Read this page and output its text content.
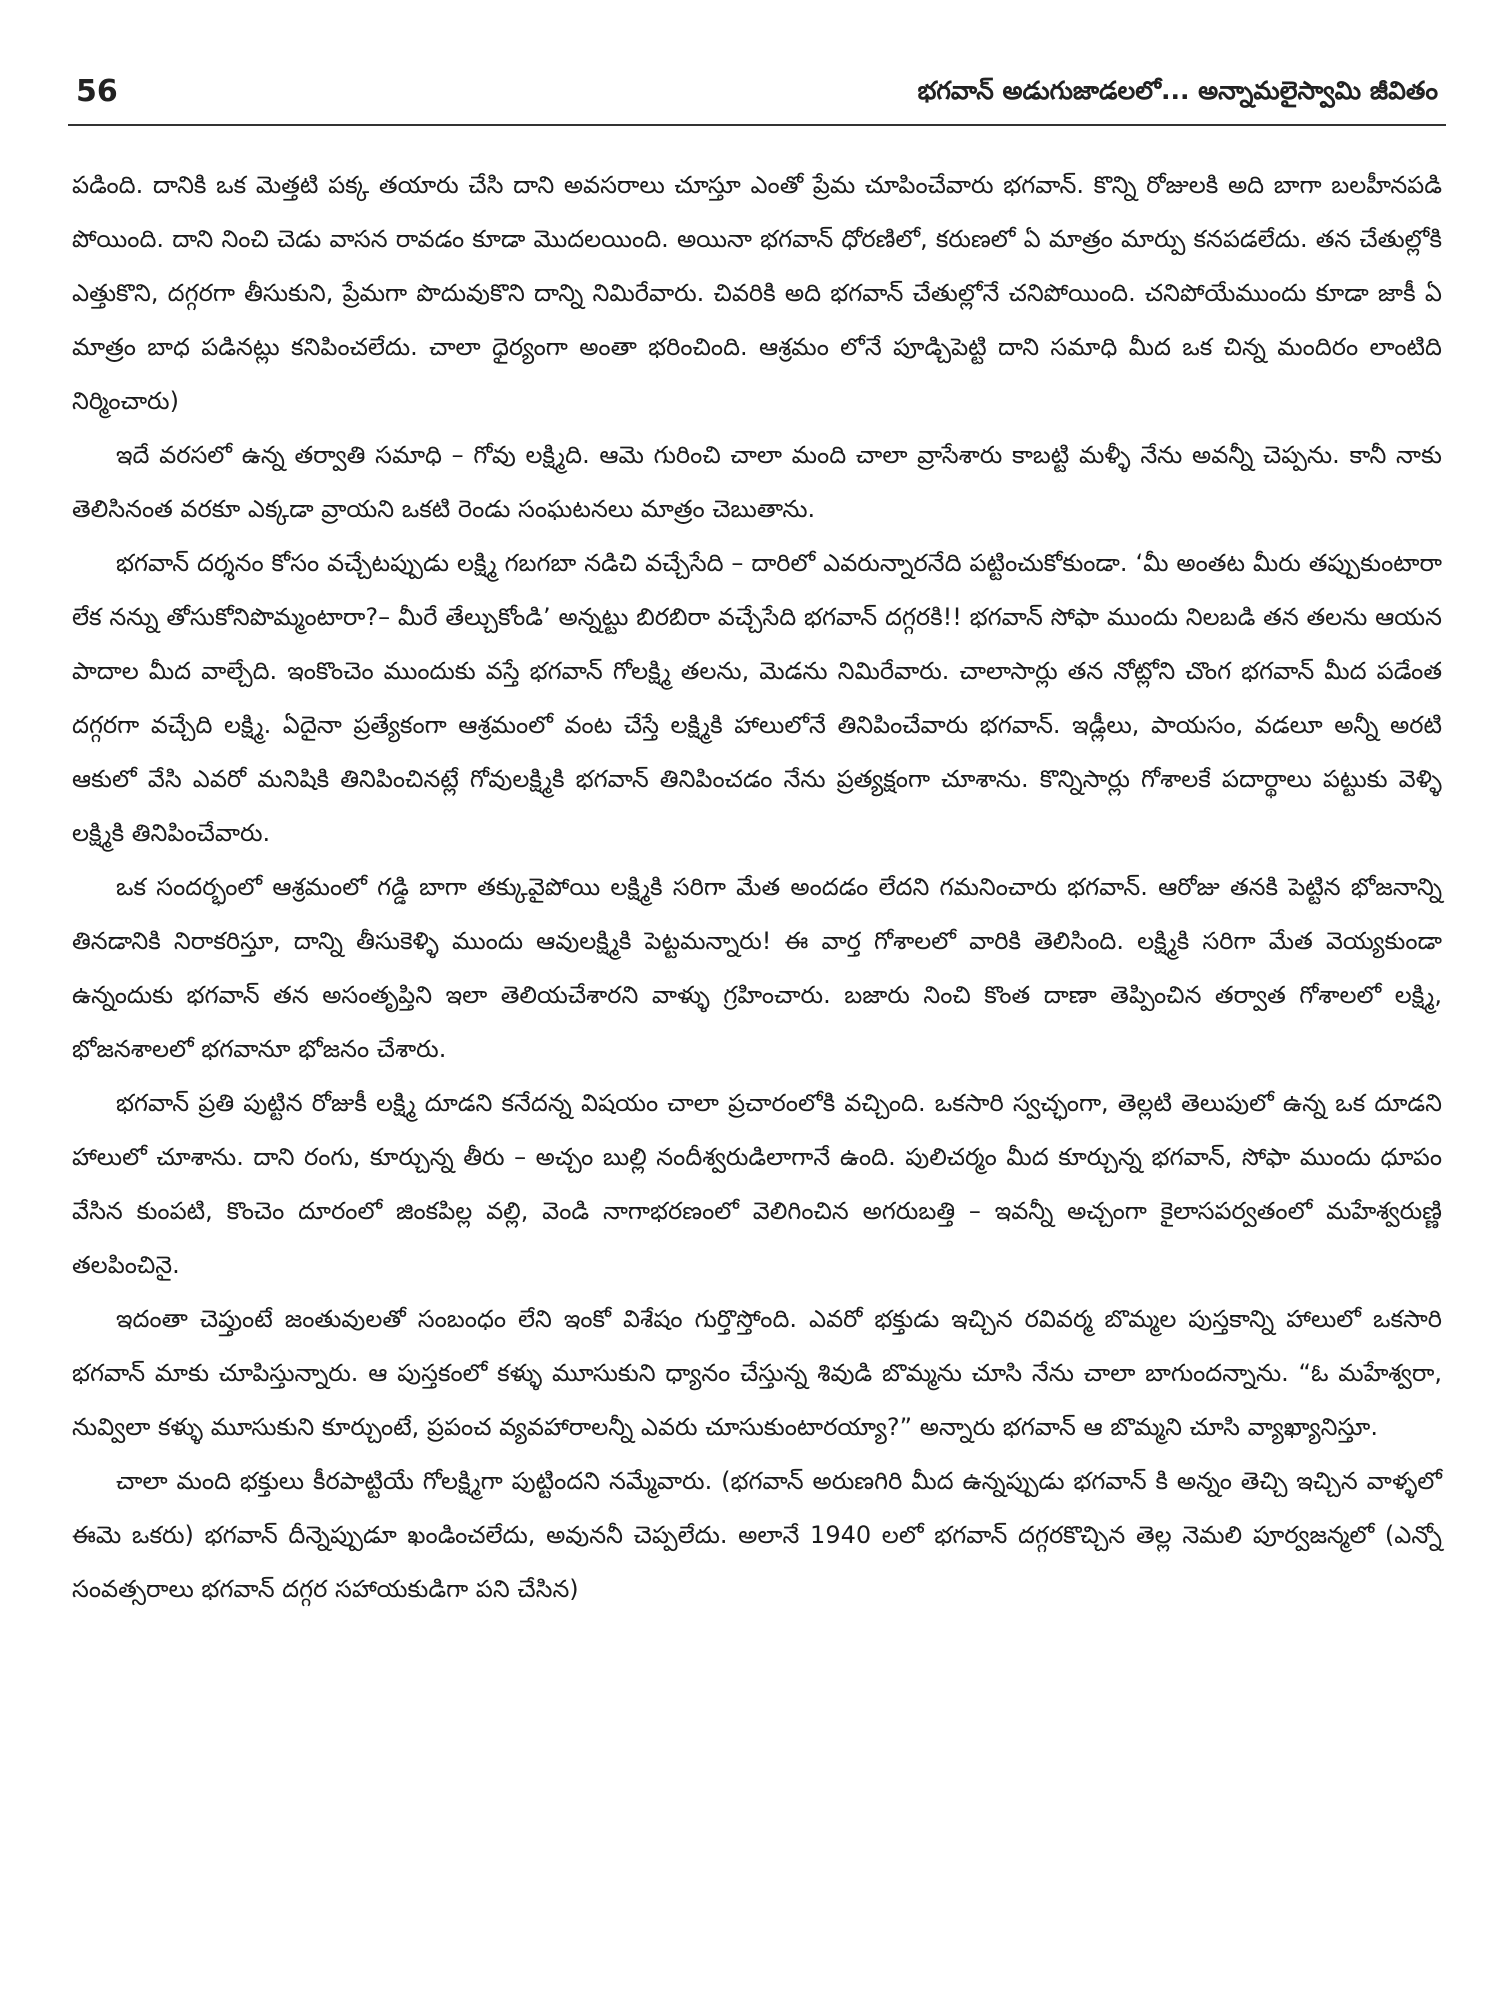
56	భగవాన్ అడుగుజాడలలో... అన్నామలైస్వామి జీవితం

పడింది. దానికి ఒక మెత్తటి పక్క తయారు చేసి దాని అవసరాలు చూస్తూ ఎంతో ప్రేమ చూపించేవారు భగవాన్. కొన్ని రోజులకి అది బాగా బలహీనపడి పోయింది. దాని నించి చెడు వాసన రావడం కూడా మొదలయింది. అయినా భగవాన్ ధోరణిలో, కరుణలో ఏ మాత్రం మార్పు కనపడలేదు. తన చేతుల్లోకి ఎత్తుకొని, దగ్గరగా తీసుకుని, ప్రేమగా పొదువుకొని దాన్ని నిమిరేవారు. చివరికి అది భగవాన్ చేతుల్లోనే చనిపోయింది. చనిపోయేముందు కూడా జాకీ ఏ మాత్రం బాధ పడినట్లు కనిపించలేదు. చాలా ధైర్యంగా అంతా భరించింది. ఆశ్రమం లోనే పూడ్చిపెట్టి దాని సమాధి మీద ఒక చిన్న మందిరం లాంటిది నిర్మించారు)

ఇదే వరసలో ఉన్న తర్వాతి సమాధి – గోవు లక్ష్మిది. ఆమె గురించి చాలా మంది చాలా వ్రాసేశారు కాబట్టి మళ్ళీ నేను అవన్నీ చెప్పను. కానీ నాకు తెలిసినంత వరకూ ఎక్కడా వ్రాయని ఒకటి రెండు సంఘటనలు మాత్రం చెబుతాను.

భగవాన్ దర్శనం కోసం వచ్చేటప్పుడు లక్ష్మి గబగబా నడిచి వచ్చేసేది – దారిలో ఎవరున్నారనేది పట్టించుకోకుండా. ‘మీ అంతట మీరు తప్పుకుంటారా లేక నన్ను తోసుకోనిపొమ్మంటారా?– మీరే తేల్చుకోండి’ అన్నట్టు బిరబిరా వచ్చేసేది భగవాన్ దగ్గరకి!! భగవాన్ సోఫా ముందు నిలబడి తన తలను ఆయన పాదాల మీద వాల్చేది. ఇంకొంచెం ముందుకు వస్తే భగవాన్ గోలక్ష్మి తలను, మెడను నిమిరేవారు. చాలాసార్లు తన నోట్లోని చొంగ భగవాన్ మీద పడేంత దగ్గరగా వచ్చేది లక్ష్మి. ఏదైనా ప్రత్యేకంగా ఆశ్రమంలో వంట చేస్తే లక్ష్మికి హాలులోనే తినిపించేవారు భగవాన్. ఇడ్లీలు, పాయసం, వడలూ అన్నీ అరటి ఆకులో వేసి ఎవరో మనిషికి తినిపించినట్లే గోవులక్ష్మికి భగవాన్ తినిపించడం నేను ప్రత్యక్షంగా చూశాను. కొన్నిసార్లు గోశాలకే పదార్థాలు పట్టుకు వెళ్ళి లక్ష్మికి తినిపించేవారు.

ఒక సందర్భంలో ఆశ్రమంలో గడ్డి బాగా తక్కువైపోయి లక్ష్మికి సరిగా మేత అందడం లేదని గమనించారు భగవాన్. ఆరోజు తనకి పెట్టిన భోజనాన్ని తినడానికి నిరాకరిస్తూ, దాన్ని తీసుకెళ్ళి ముందు ఆవులక్ష్మికి పెట్టమన్నారు! ఈ వార్త గోశాలలో వారికి తెలిసింది. లక్ష్మికి సరిగా మేత వెయ్యకుండా ఉన్నందుకు భగవాన్ తన అసంతృప్తిని ఇలా తెలియచేశారని వాళ్ళు గ్రహించారు. బజారు నించి కొంత దాణా తెప్పించిన తర్వాత గోశాలలో లక్ష్మి, భోజనశాలలో భగవానూ భోజనం చేశారు.

భగవాన్ ప్రతి పుట్టిన రోజుకీ లక్ష్మి దూడని కనేదన్న విషయం చాలా ప్రచారంలోకి వచ్చింది. ఒకసారి స్వచ్ఛంగా, తెల్లటి తెలుపులో ఉన్న ఒక దూడని హాలులో చూశాను. దాని రంగు, కూర్చున్న తీరు – అచ్చం బుల్లి నందీశ్వరుడిలాగానే ఉంది. పులిచర్మం మీద కూర్చున్న భగవాన్, సోఫా ముందు ధూపం వేసిన కుంపటి, కొంచెం దూరంలో జింకపిల్ల వల్లి, వెండి నాగాభరణంలో వెలిగించిన అగరుబత్తి – ఇవన్నీ అచ్చంగా కైలాసపర్వతంలో మహేశ్వరుణ్ణి తలపించినై.

ఇదంతా చెప్తుంటే జంతువులతో సంబంధం లేని ఇంకో విశేషం గుర్తొస్తోంది. ఎవరో భక్తుడు ఇచ్చిన రవివర్మ బొమ్మల పుస్తకాన్ని హాలులో ఒకసారి భగవాన్ మాకు చూపిస్తున్నారు. ఆ పుస్తకంలో కళ్ళు మూసుకుని ధ్యానం చేస్తున్న శివుడి బొమ్మను చూసి నేను చాలా బాగుందన్నాను. “ఓ మహేశ్వరా, నువ్విలా కళ్ళు మూసుకుని కూర్చుంటే, ప్రపంచ వ్యవహారాలన్నీ ఎవరు చూసుకుంటారయ్యా?” అన్నారు భగవాన్ ఆ బొమ్మని చూసి వ్యాఖ్యానిస్తూ.

చాలా మంది భక్తులు కీరపాట్టియే గోలక్ష్మిగా పుట్టిందని నమ్మేవారు. (భగవాన్ అరుణగిరి మీద ఉన్నప్పుడు భగవాన్ కి అన్నం తెచ్చి ఇచ్చిన వాళ్ళలో ఈమె ఒకరు) భగవాన్ దీన్నెప్పుడూ ఖండించలేదు, అవుననీ చెప్పలేదు. అలానే 1940 లలో భగవాన్ దగ్గరకొచ్చిన తెల్ల నెమలి పూర్వజన్మలో (ఎన్నో సంవత్సరాలు భగవాన్ దగ్గర సహాయకుడిగా పని చేసిన)
